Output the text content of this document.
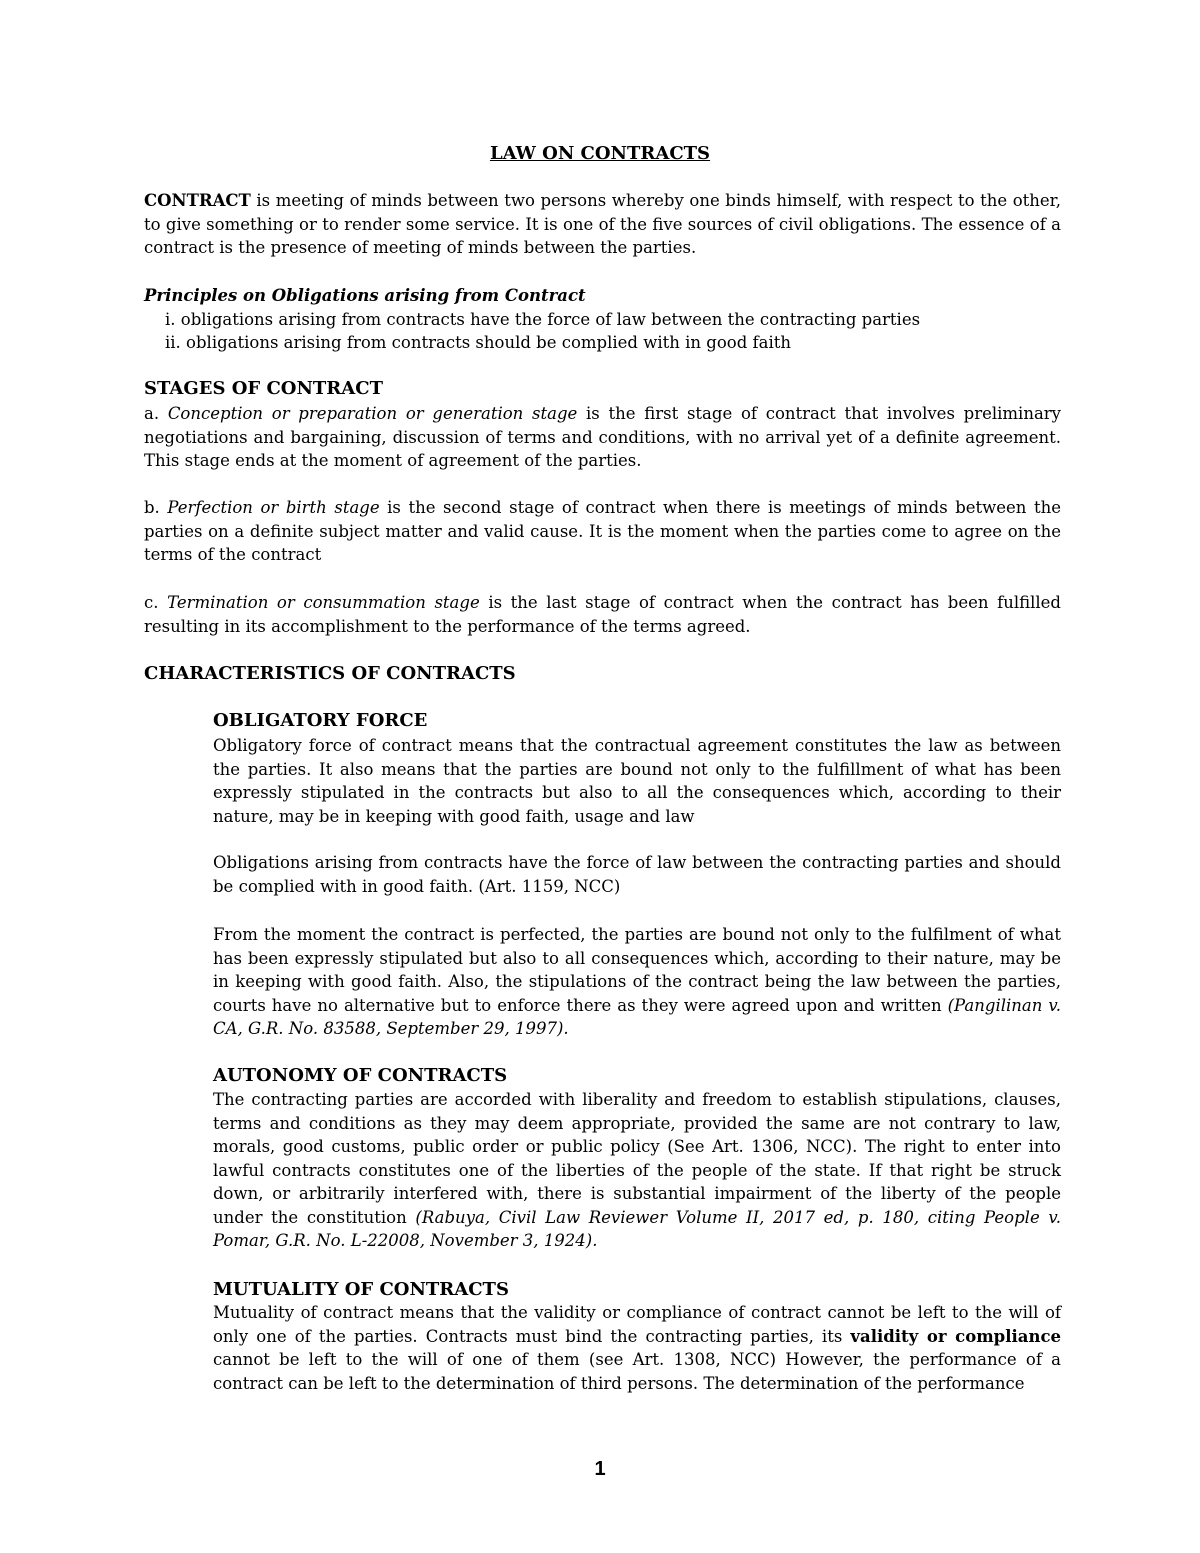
LAW ON CONTRACTS

CONTRACT is meeting of minds between two persons whereby one binds himself, with respect to the other, to give something or to render some service. It is one of the five sources of civil obligations. The essence of a contract is the presence of meeting of minds between the parties.

Principles on Obligations arising from Contract

i. obligations arising from contracts have the force of law between the contracting parties

ii. obligations arising from contracts should be complied with in good faith

STAGES OF CONTRACT

a. Conception or preparation or generation stage is the first stage of contract that involves preliminary negotiations and bargaining, discussion of terms and conditions, with no arrival yet of a definite agreement. This stage ends at the moment of agreement of the parties.

b. Perfection or birth stage is the second stage of contract when there is meetings of minds between the parties on a definite subject matter and valid cause. It is the moment when the parties come to agree on the terms of the contract

c. Termination or consummation stage is the last stage of contract when the contract has been fulfilled resulting in its accomplishment to the performance of the terms agreed.

CHARACTERISTICS OF CONTRACTS

OBLIGATORY FORCE

Obligatory force of contract means that the contractual agreement constitutes the law as between the parties. It also means that the parties are bound not only to the fulfillment of what has been expressly stipulated in the contracts but also to all the consequences which, according to their nature, may be in keeping with good faith, usage and law

Obligations arising from contracts have the force of law between the contracting parties and should be complied with in good faith. (Art. 1159, NCC)

From the moment the contract is perfected, the parties are bound not only to the fulfilment of what has been expressly stipulated but also to all consequences which, according to their nature, may be in keeping with good faith. Also, the stipulations of the contract being the law between the parties, courts have no alternative but to enforce there as they were agreed upon and written (Pangilinan v. CA, G.R. No. 83588, September 29, 1997).

AUTONOMY OF CONTRACTS

The contracting parties are accorded with liberality and freedom to establish stipulations, clauses, terms and conditions as they may deem appropriate, provided the same are not contrary to law, morals, good customs, public order or public policy (See Art. 1306, NCC). The right to enter into lawful contracts constitutes one of the liberties of the people of the state. If that right be struck down, or arbitrarily interfered with, there is substantial impairment of the liberty of the people under the constitution (Rabuya, Civil Law Reviewer Volume II, 2017 ed, p. 180, citing People v. Pomar, G.R. No. L-22008, November 3, 1924).

MUTUALITY OF CONTRACTS

Mutuality of contract means that the validity or compliance of contract cannot be left to the will of only one of the parties. Contracts must bind the contracting parties, its validity or compliance cannot be left to the will of one of them (see Art. 1308, NCC) However, the performance of a contract can be left to the determination of third persons. The determination of the performance

1
